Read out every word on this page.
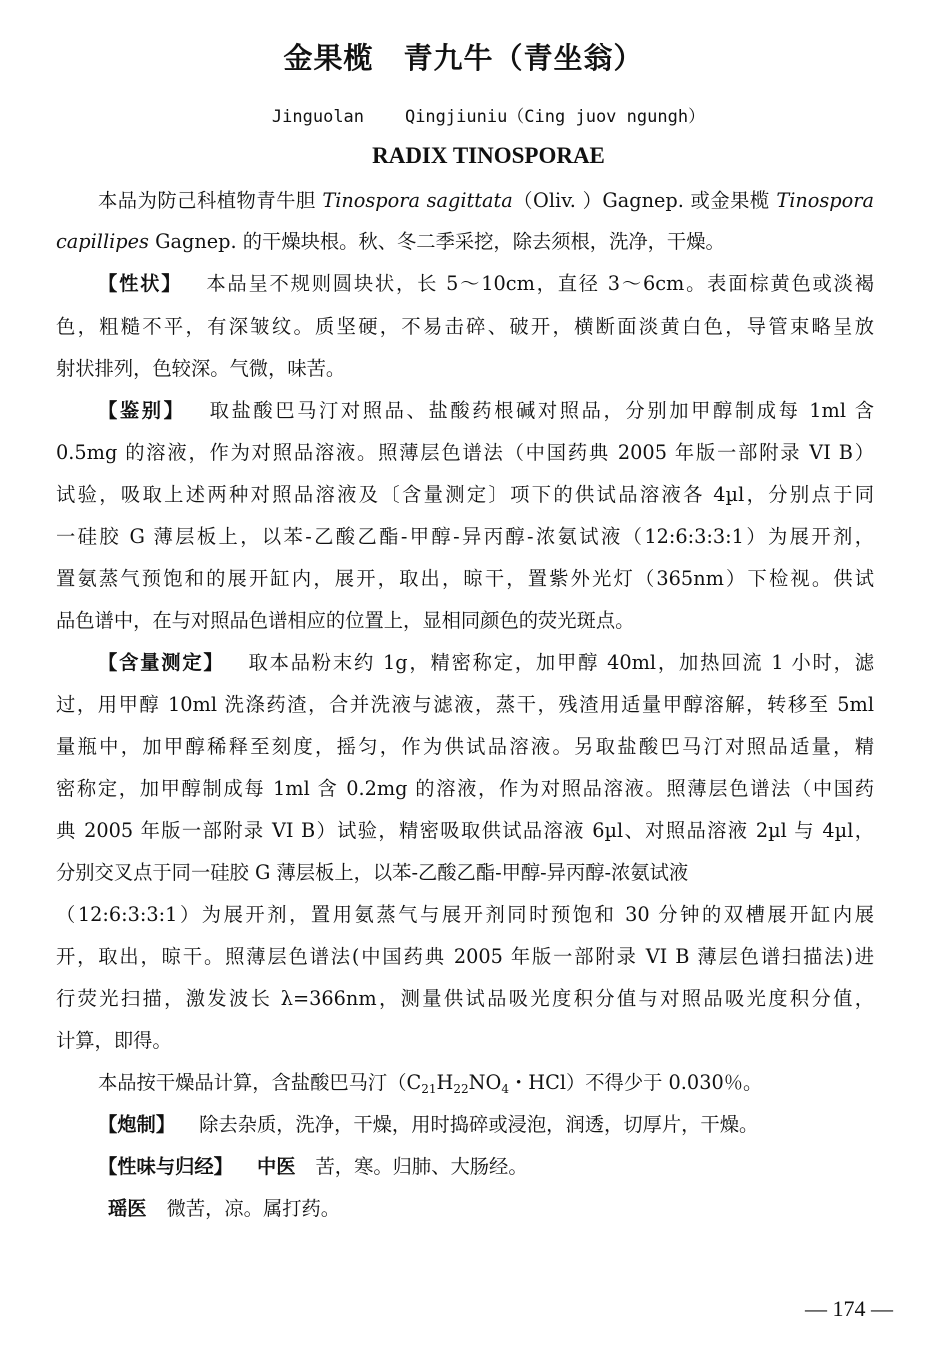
金果榄　青九牛（青坐翁）
Jinguolan    Qingjiuniu（Cing juov ngungh）
RADIX TINOSPORAE
本品为防己科植物青牛胆 Tinospora sagittata（Oliv. ）Gagnep. 或金果榄 Tinospora
capillipes Gagnep. 的干燥块根。秋、冬二季采挖，除去须根，洗净，干燥。
【性状】 本品呈不规则圆块状，长 5～10cm，直径 3～6cm。表面棕黄色或淡褐
色，粗糙不平，有深皱纹。质坚硬，不易击碎、破开，横断面淡黄白色，导管束略呈放
射状排列，色较深。气微，味苦。
【鉴别】 取盐酸巴马汀对照品、盐酸药根碱对照品，分别加甲醇制成每 1ml 含
0.5mg 的溶液，作为对照品溶液。照薄层色谱法（中国药典 2005 年版一部附录 VI B）
试验，吸取上述两种对照品溶液及〔含量测定〕项下的供试品溶液各 4µl，分别点于同
一硅胶 G 薄层板上，以苯-乙酸乙酯-甲醇-异丙醇-浓氨试液（12:6:3:3:1）为展开剂，
置氨蒸气预饱和的展开缸内，展开，取出，晾干，置紫外光灯（365nm）下检视。供试
品色谱中，在与对照品色谱相应的位置上，显相同颜色的荧光斑点。
【含量测定】 取本品粉末约 1g，精密称定，加甲醇 40ml，加热回流 1 小时，滤
过，用甲醇 10ml 洗涤药渣，合并洗液与滤液，蒸干，残渣用适量甲醇溶解，转移至 5ml
量瓶中，加甲醇稀释至刻度，摇匀，作为供试品溶液。另取盐酸巴马汀对照品适量，精
密称定，加甲醇制成每 1ml 含 0.2mg 的溶液，作为对照品溶液。照薄层色谱法（中国药
典 2005 年版一部附录 VI B）试验，精密吸取供试品溶液 6µl、对照品溶液 2µl 与 4µl，
分别交叉点于同一硅胶 G 薄层板上，以苯-乙酸乙酯-甲醇-异丙醇-浓氨试液
（12:6:3:3:1）为展开剂，置用氨蒸气与展开剂同时预饱和 30 分钟的双槽展开缸内展
开，取出，晾干。照薄层色谱法(中国药典 2005 年版一部附录 VI B 薄层色谱扫描法)进
行荧光扫描，激发波长 λ=366nm，测量供试品吸光度积分值与对照品吸光度积分值，
计算，即得。
本品按干燥品计算，含盐酸巴马汀（$C_{21}H_{22}NO_4$・HCl）不得少于 0.030％。
【炮制】 除去杂质，洗净，干燥，用时捣碎或浸泡，润透，切厚片，干燥。
【性味与归经】 中医 苦，寒。归肺、大肠经。
瑶医 微苦，凉。属打药。
— 174 —
